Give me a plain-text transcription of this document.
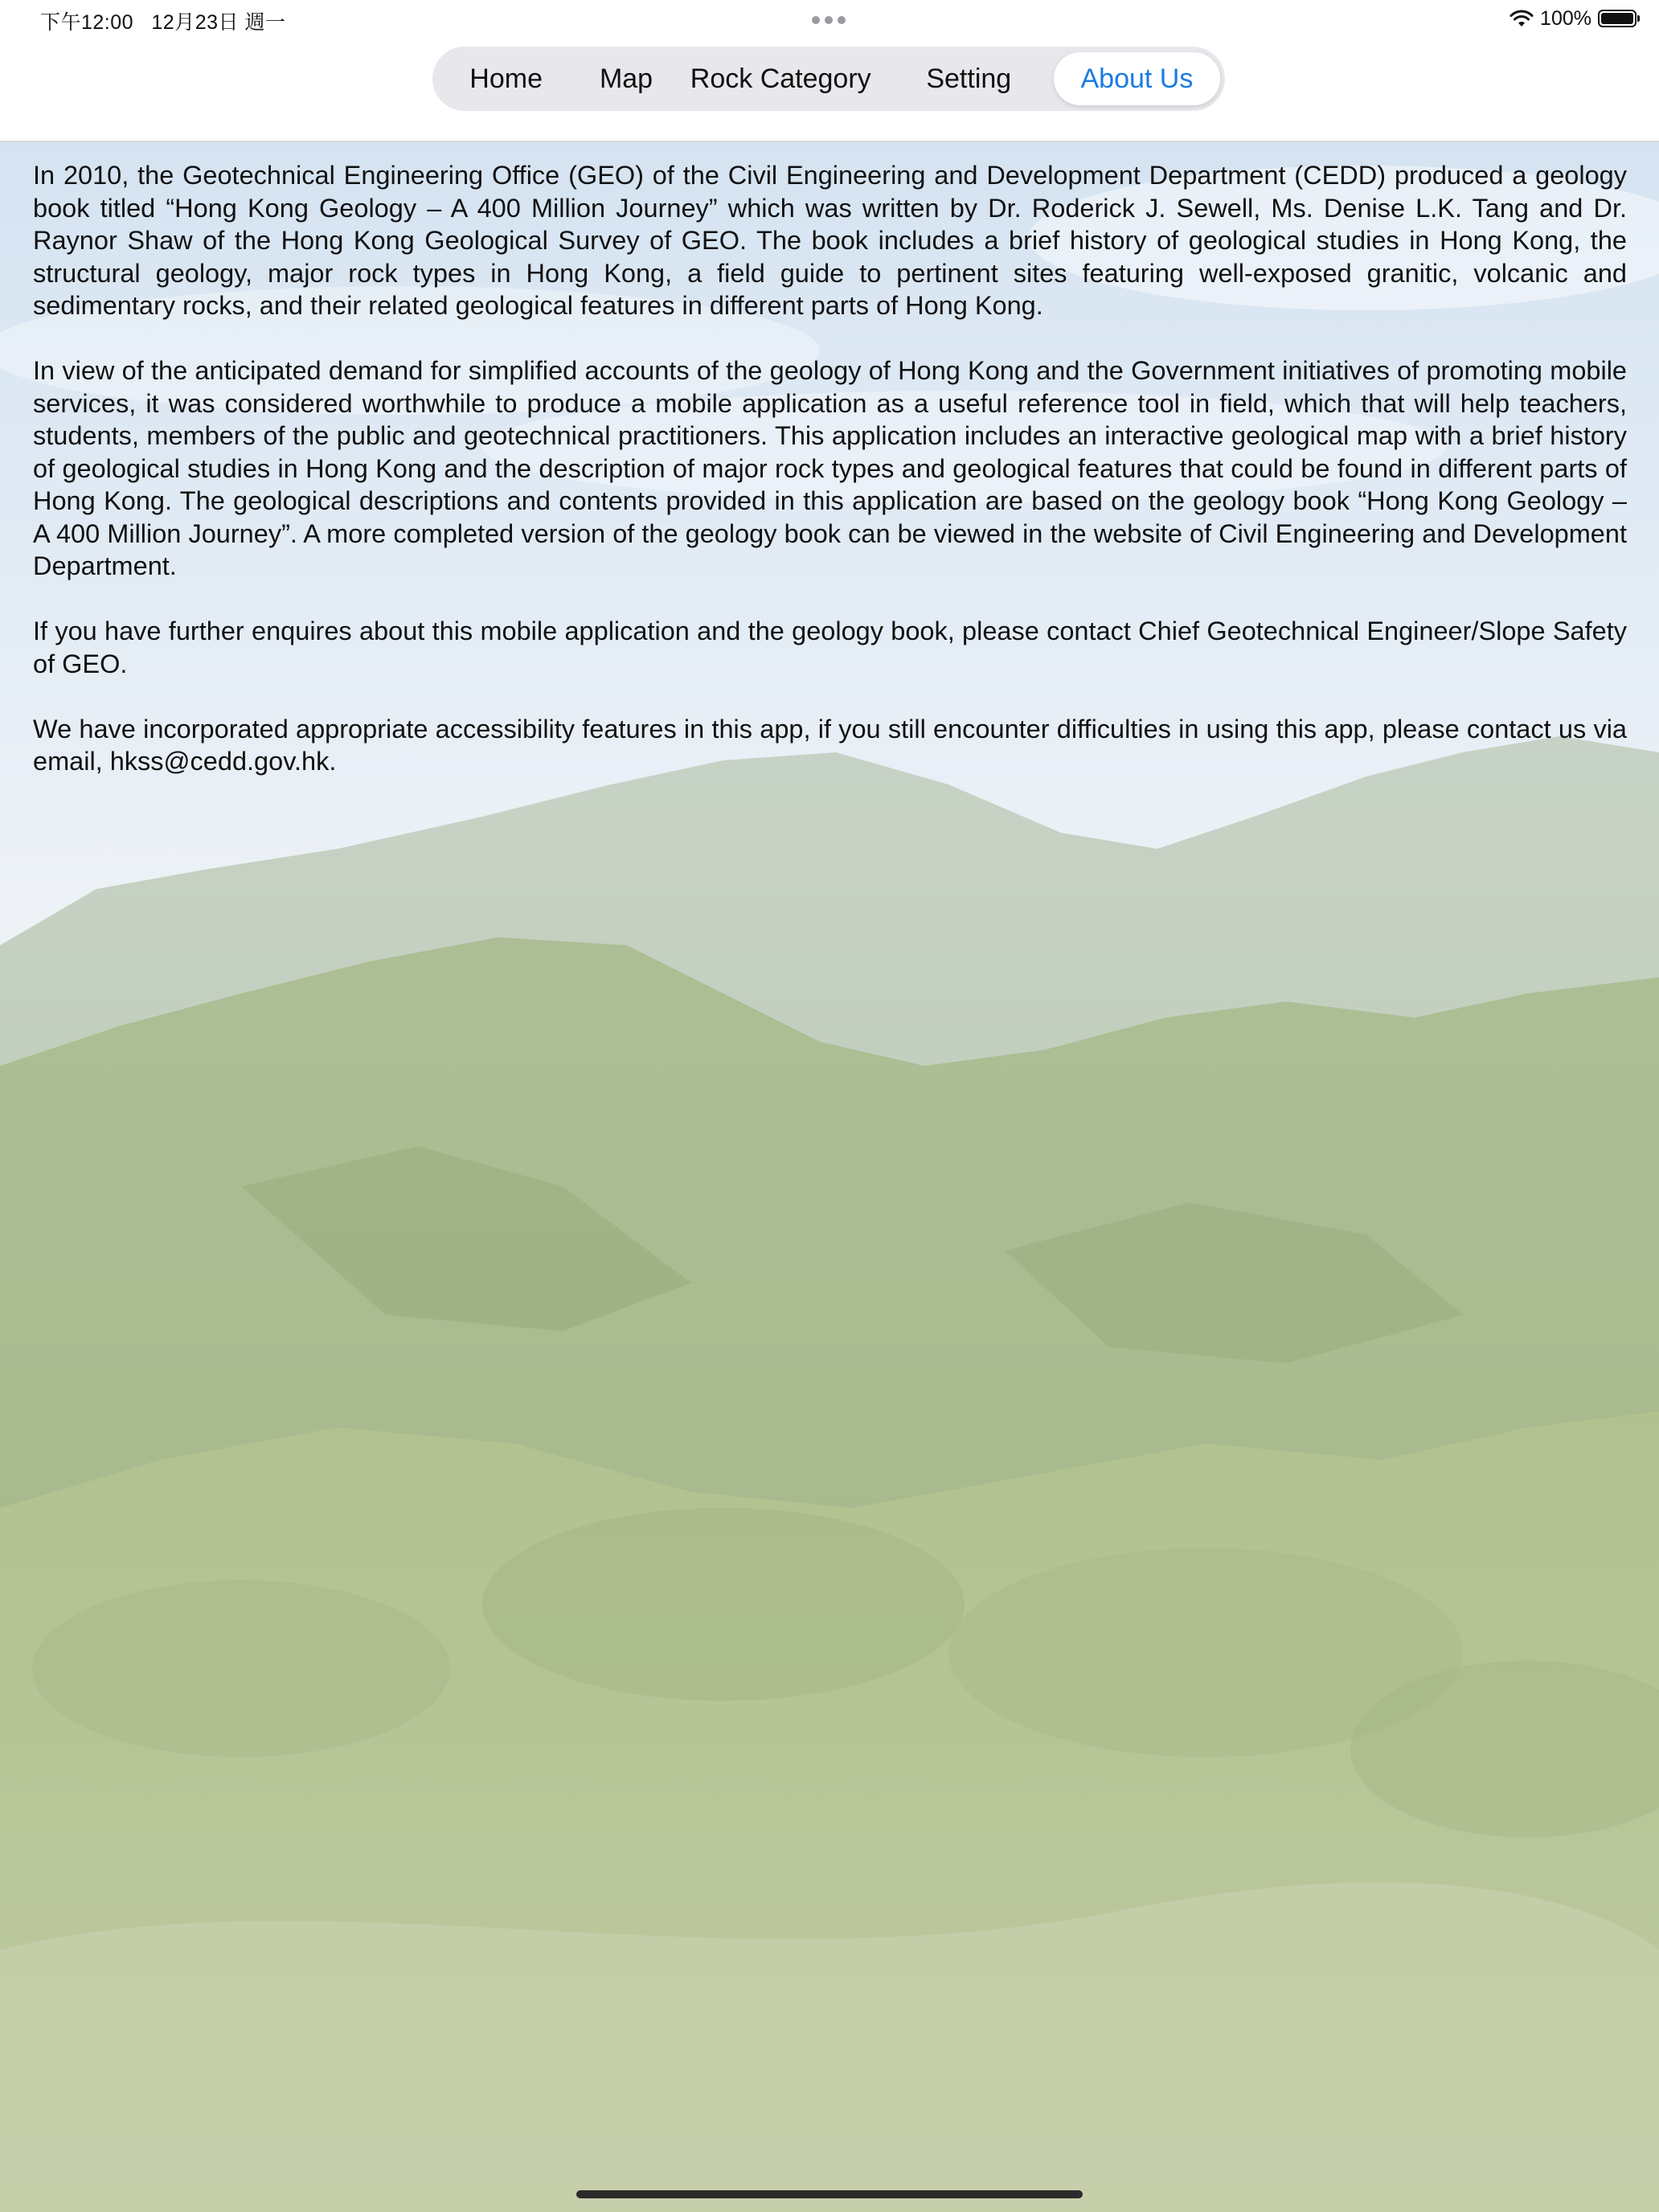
下午12:00 12月23日 週一	100%
Home	Map	Rock Category	Setting	About Us

In 2010, the Geotechnical Engineering Office (GEO) of the Civil Engineering and Development Department (CEDD) produced a geology book titled “Hong Kong Geology – A 400 Million Journey” which was written by Dr. Roderick J. Sewell, Ms. Denise L.K. Tang and Dr. Raynor Shaw of the Hong Kong Geological Survey of GEO. The book includes a brief history of geological studies in Hong Kong, the structural geology, major rock types in Hong Kong, a field guide to pertinent sites featuring well-exposed granitic, volcanic and sedimentary rocks, and their related geological features in different parts of Hong Kong.

In view of the anticipated demand for simplified accounts of the geology of Hong Kong and the Government initiatives of promoting mobile services, it was considered worthwhile to produce a mobile application as a useful reference tool in field, which that will help teachers, students, members of the public and geotechnical practitioners. This application includes an interactive geological map with a brief history of geological studies in Hong Kong and the description of major rock types and geological features that could be found in different parts of Hong Kong. The geological descriptions and contents provided in this application are based on the geology book “Hong Kong Geology – A 400 Million Journey”. A more completed version of the geology book can be viewed in the website of Civil Engineering and Development Department.

If you have further enquires about this mobile application and the geology book, please contact Chief Geotechnical Engineer/Slope Safety of GEO.

We have incorporated appropriate accessibility features in this app, if you still encounter difficulties in using this app, please contact us via email, hkss@cedd.gov.hk.
